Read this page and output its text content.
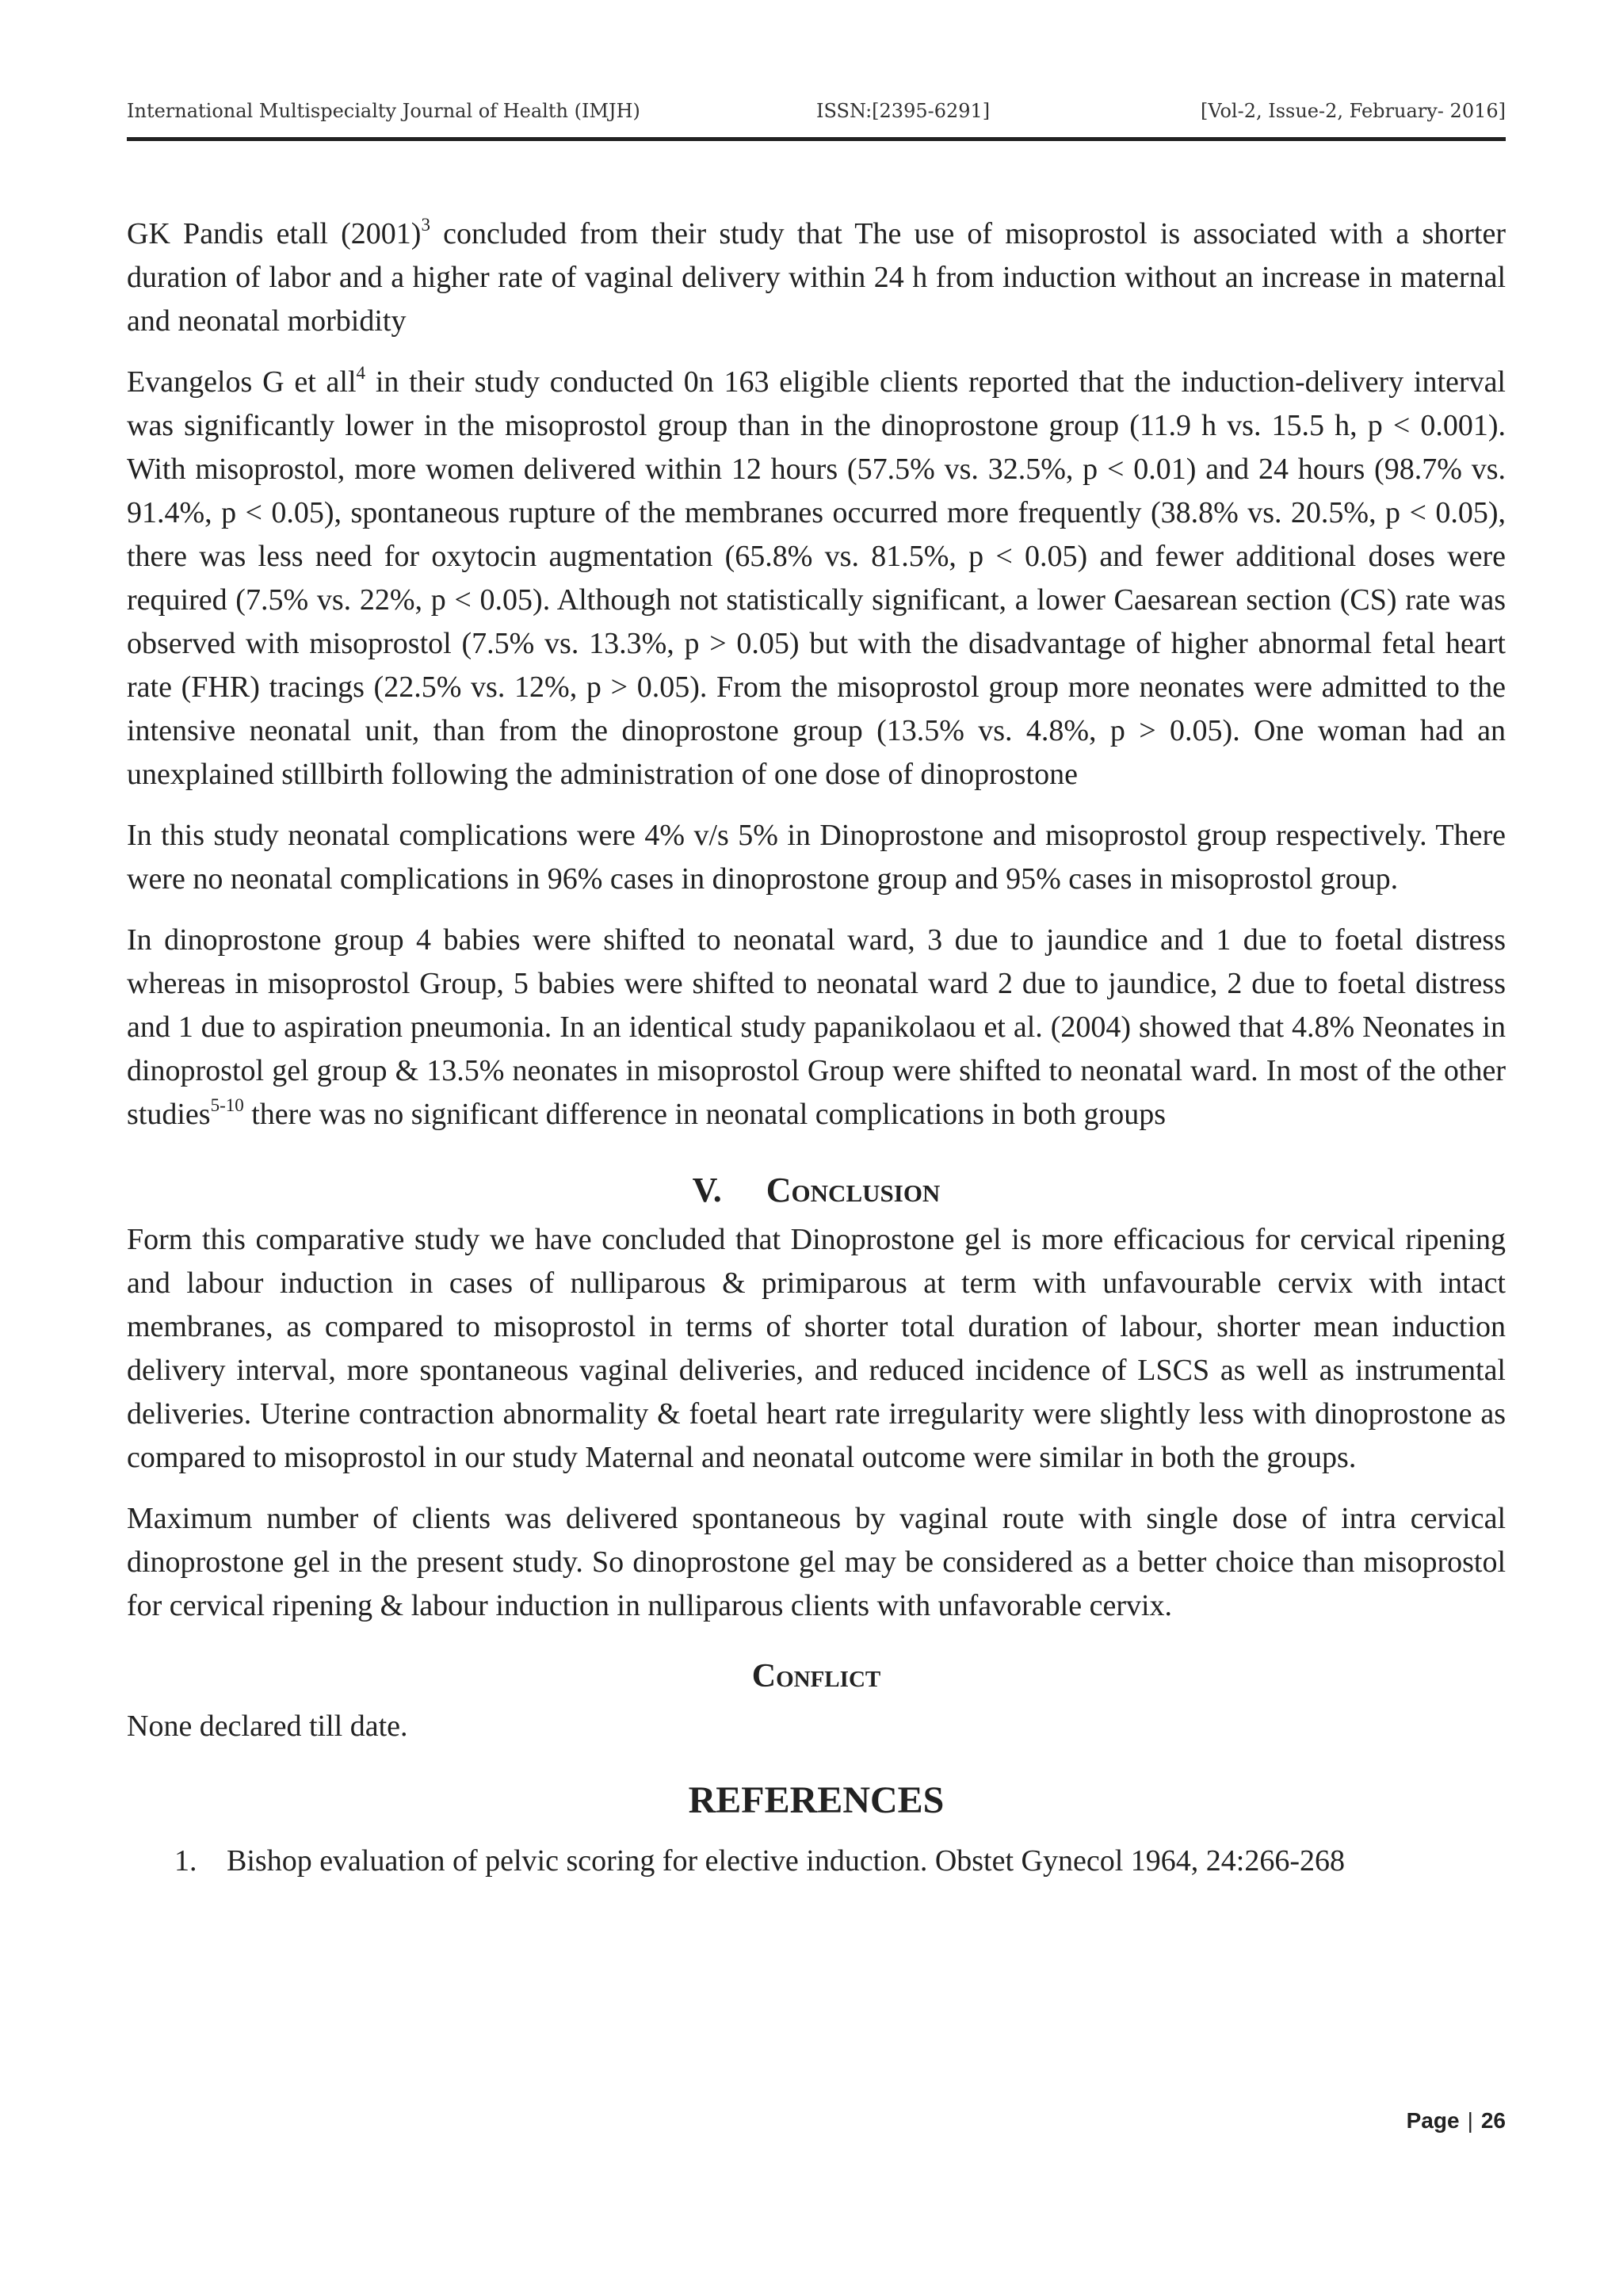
International Multispecialty Journal of Health (IMJH)	ISSN:[2395-6291]	[Vol-2, Issue-2, February- 2016]

GK Pandis etall $(2001)^3$ concluded from their study that The use of misoprostol is associated with a shorter duration of labor and a higher rate of vaginal delivery within 24 h from induction without an increase in maternal and neonatal morbidity

Evangelos G et all$^4$ in their study conducted 0n 163 eligible clients reported that the induction-delivery interval was significantly lower in the misoprostol group than in the dinoprostone group (11.9 h vs. 15.5 h, p < 0.001). With misoprostol, more women delivered within 12 hours (57.5% vs. 32.5%, p < 0.01) and 24 hours (98.7% vs. 91.4%, p < 0.05), spontaneous rupture of the membranes occurred more frequently (38.8% vs. 20.5%, p < 0.05), there was less need for oxytocin augmentation (65.8% vs. 81.5%, p < 0.05) and fewer additional doses were required (7.5% vs. 22%, p < 0.05). Although not statistically significant, a lower Caesarean section (CS) rate was observed with misoprostol (7.5% vs. 13.3%, p > 0.05) but with the disadvantage of higher abnormal fetal heart rate (FHR) tracings (22.5% vs. 12%, p > 0.05). From the misoprostol group more neonates were admitted to the intensive neonatal unit, than from the dinoprostone group (13.5% vs. 4.8%, p > 0.05). One woman had an unexplained stillbirth following the administration of one dose of dinoprostone

In this study neonatal complications were 4% v/s 5% in Dinoprostone and misoprostol group respectively. There were no neonatal complications in 96% cases in dinoprostone group and 95% cases in misoprostol group.

In dinoprostone group 4 babies were shifted to neonatal ward, 3 due to jaundice and 1 due to foetal distress whereas in misoprostol Group, 5 babies were shifted to neonatal ward 2 due to jaundice, 2 due to foetal distress and 1 due to aspiration pneumonia. In an identical study papanikolaou et al. (2004) showed that 4.8% Neonates in dinoprostol gel group & 13.5% neonates in misoprostol Group were shifted to neonatal ward. In most of the other studies$^{5-10}$ there was no significant difference in neonatal complications in both groups

V. Conclusion

Form this comparative study we have concluded that Dinoprostone gel is more efficacious for cervical ripening and labour induction in cases of nulliparous & primiparous at term with unfavourable cervix with intact membranes, as compared to misoprostol in terms of shorter total duration of labour, shorter mean induction delivery interval, more spontaneous vaginal deliveries, and reduced incidence of LSCS as well as instrumental deliveries. Uterine contraction abnormality & foetal heart rate irregularity were slightly less with dinoprostone as compared to misoprostol in our study Maternal and neonatal outcome were similar in both the groups.

Maximum number of clients was delivered spontaneous by vaginal route with single dose of intra cervical dinoprostone gel in the present study. So dinoprostone gel may be considered as a better choice than misoprostol for cervical ripening & labour induction in nulliparous clients with unfavorable cervix.

Conflict

None declared till date.

REFERENCES
1. Bishop evaluation of pelvic scoring for elective induction. Obstet Gynecol 1964, 24:266-268
Page | 26
